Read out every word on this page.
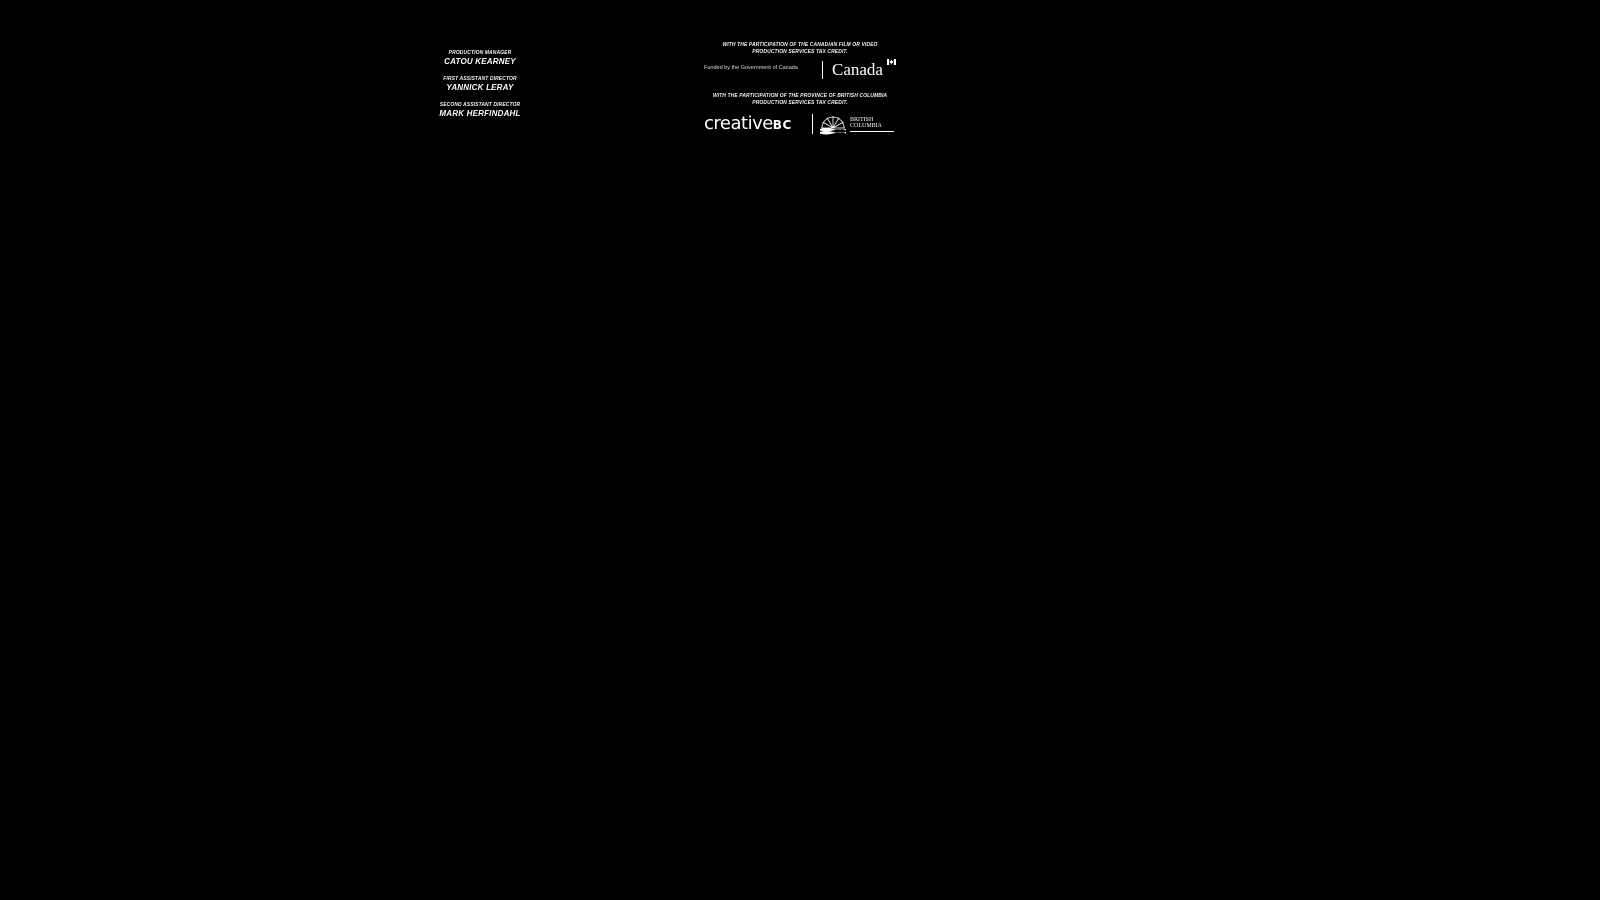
PRODUCTION MANAGER
CATOU KEARNEY
FIRST ASSISTANT DIRECTOR
YANNICK LERAY
SECOND ASSISTANT DIRECTOR
MARK HERFINDAHL
WITH THE PARTICIPATION OF THE CANADIAN FILM OR VIDEO
PRODUCTION SERVICES TAX CREDIT.
Funded by the Government of Canada Canada
WITH THE PARTICIPATION OF THE PROVINCE OF BRITISH COLUMBIA
PRODUCTION SERVICES TAX CREDIT.
creativeBC	BRITISH
COLUMBIA
